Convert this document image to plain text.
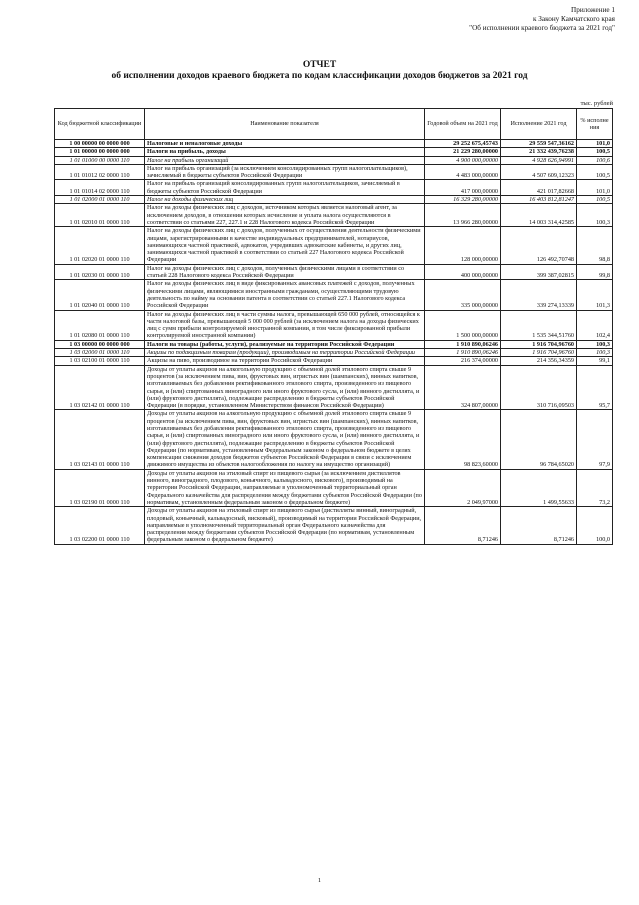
Приложение 1
к Закону Камчатского края
"Об исполнении краевого бюджета за 2021 год"
ОТЧЕТ
об исполнении доходов краевого бюджета по кодам классификации доходов бюджетов за 2021 год
тыс. рублей
Код бюджетной классификации	Наименование показателя	Годовой объем на 2021 год	Исполнение 2021 год	% исполне ния
1 00 00000 00 0000 000	Налоговые и неналоговые доходы	29 252 675,45743	29 559 547,36162	101,0
1 01 00000 00 0000 000	Налоги на прибыль, доходы	21 229 280,00000	21 332 439,76238	100,5
1 01 01000 00 0000 110	Налог на прибыль организаций	4 900 000,00000	4 928 626,94991	100,6
1 01 01012 02 0000 110	Налог на прибыль организаций (за исключением консолидированных групп налогоплательщиков), зачисляемый в бюджеты субъектов Российской Федерации	4 483 000,00000	4 507 609,12323	100,5
1 01 01014 02 0000 110	Налог на прибыль организаций консолидированных групп налогоплательщиков, зачисляемый в бюджеты субъектов Российской Федерации	417 000,00000	421 017,82668	101,0
1 01 02000 01 0000 110	Налог на доходы физических лиц	16 329 280,00000	16 403 812,81247	100,5
1 01 02010 01 0000 110	Налог на доходы физических лиц с доходов, источником которых является налоговый агент, за исключением доходов, в отношении которых исчисление и уплата налога осуществляются в соответствии со статьями 227, 227.1 и 228 Налогового кодекса Российской Федерации	13 966 280,00000	14 003 314,42585	100,3
1 01 02020 01 0000 110	Налог на доходы физических лиц с доходов, полученных от осуществления деятельности физическими лицами, зарегистрированными в качестве индивидуальных предпринимателей, нотариусов, занимающихся частной практикой, адвокатов, учредивших адвокатские кабинеты, и других лиц, занимающихся частной практикой в соответствии со статьей 227 Налогового кодекса Российской Федерации	128 000,00000	126 492,70748	98,8
1 01 02030 01 0000 110	Налог на доходы физических лиц с доходов, полученных физическими лицами в соответствии со статьей 228 Налогового кодекса Российской Федерации	400 000,00000	399 387,02815	99,8
1 01 02040 01 0000 110	Налог на доходы физических лиц в виде фиксированных авансовых платежей с доходов, полученных физическими лицами, являющимися иностранными гражданами, осуществляющими трудовую деятельность по найму на основании патента в соответствии со статьей 227.1 Налогового кодекса Российской Федерации	335 000,00000	339 274,13339	101,3
1 01 02080 01 0000 110	Налог на доходы физических лиц в части суммы налога, превышающей 650 000 рублей, относящейся к части налоговой базы, превышающей 5 000 000 рублей (за исключением налога на доходы физических лиц с сумм прибыли контролируемой иностранной компании, в том числе фиксированной прибыли контролируемой иностранной компании)	1 500 000,00000	1 535 344,51760	102,4
1 03 00000 00 0000 000	Налоги на товары (работы, услуги), реализуемые на территории Российской Федерации	1 910 890,06246	1 916 704,96760	100,3
1 03 02000 01 0000 110	Акцизы по подакцизным товарам (продукции), производимым на территории Российской Федерации	1 910 890,06246	1 916 704,96760	100,3
1 03 02100 01 0000 110	Акцизы на пиво, производимое на территории Российской Федерации	216 374,00000	214 356,34359	99,1
1 03 02142 01 0000 110	Доходы от уплаты акцизов на алкогольную продукцию с объемной долей этилового спирта свыше 9 процентов (за исключением пива, вин, фруктовых вин, игристых вин (шампанских), винных напитков, изготавливаемых без добавления ректификованного этилового спирта, произведенного из пищевого сырья, и (или) спиртованных виноградного или иного фруктового сусла, и (или) винного дистиллята, и (или) фруктового дистиллята), подлежащие распределению в бюджеты субъектов Российской Федерации (в порядке, установленном Министерством финансов Российской Федерации)	324 807,00000	310 716,09503	95,7
1 03 02143 01 0000 110	Доходы от уплаты акцизов на алкогольную продукцию с объемной долей этилового спирта свыше 9 процентов (за исключением пива, вин, фруктовых вин, игристых вин (шампанских), винных напитков, изготавливаемых без добавления ректификованного этилового спирта, произведенного из пищевого сырья, и (или) спиртованных виноградного или иного фруктового сусла, и (или) винного дистиллята, и (или) фруктового дистиллята), подлежащие распределению в бюджеты субъектов Российской Федерации (по нормативам, установленным Федеральным законом о федеральном бюджете в целях компенсации снижения доходов бюджетов субъектов Российской Федерации в связи с исключением движимого имущества из объектов налогообложения по налогу на имущество организаций)	98 823,60000	96 784,65020	97,9
1 03 02190 01 0000 110	Доходы от уплаты акцизов на этиловый спирт из пищевого сырья (за исключением дистиллятов винного, виноградного, плодового, коньячного, кальвадосного, вискового), производимый на территории Российской Федерации, направляемые в уполномоченный территориальный орган Федерального казначейства для распределения между бюджетами субъектов Российской Федерации (по нормативам, установленным федеральным законом о федеральном бюджете)	2 049,97000	1 499,55633	73,2
1 03 02200 01 0000 110	Доходы от уплаты акцизов на этиловый спирт из пищевого сырья (дистилляты винный, виноградный, плодовый, коньячный, кальвадосный, висковый), производимый на территории Российской Федерации, направляемые в уполномоченный территориальный орган Федерального казначейства для распределения между бюджетами субъектов Российской Федерации (по нормативам, установленным федеральным законом о федеральном бюджете)	8,71246	8,71246	100,0
1
